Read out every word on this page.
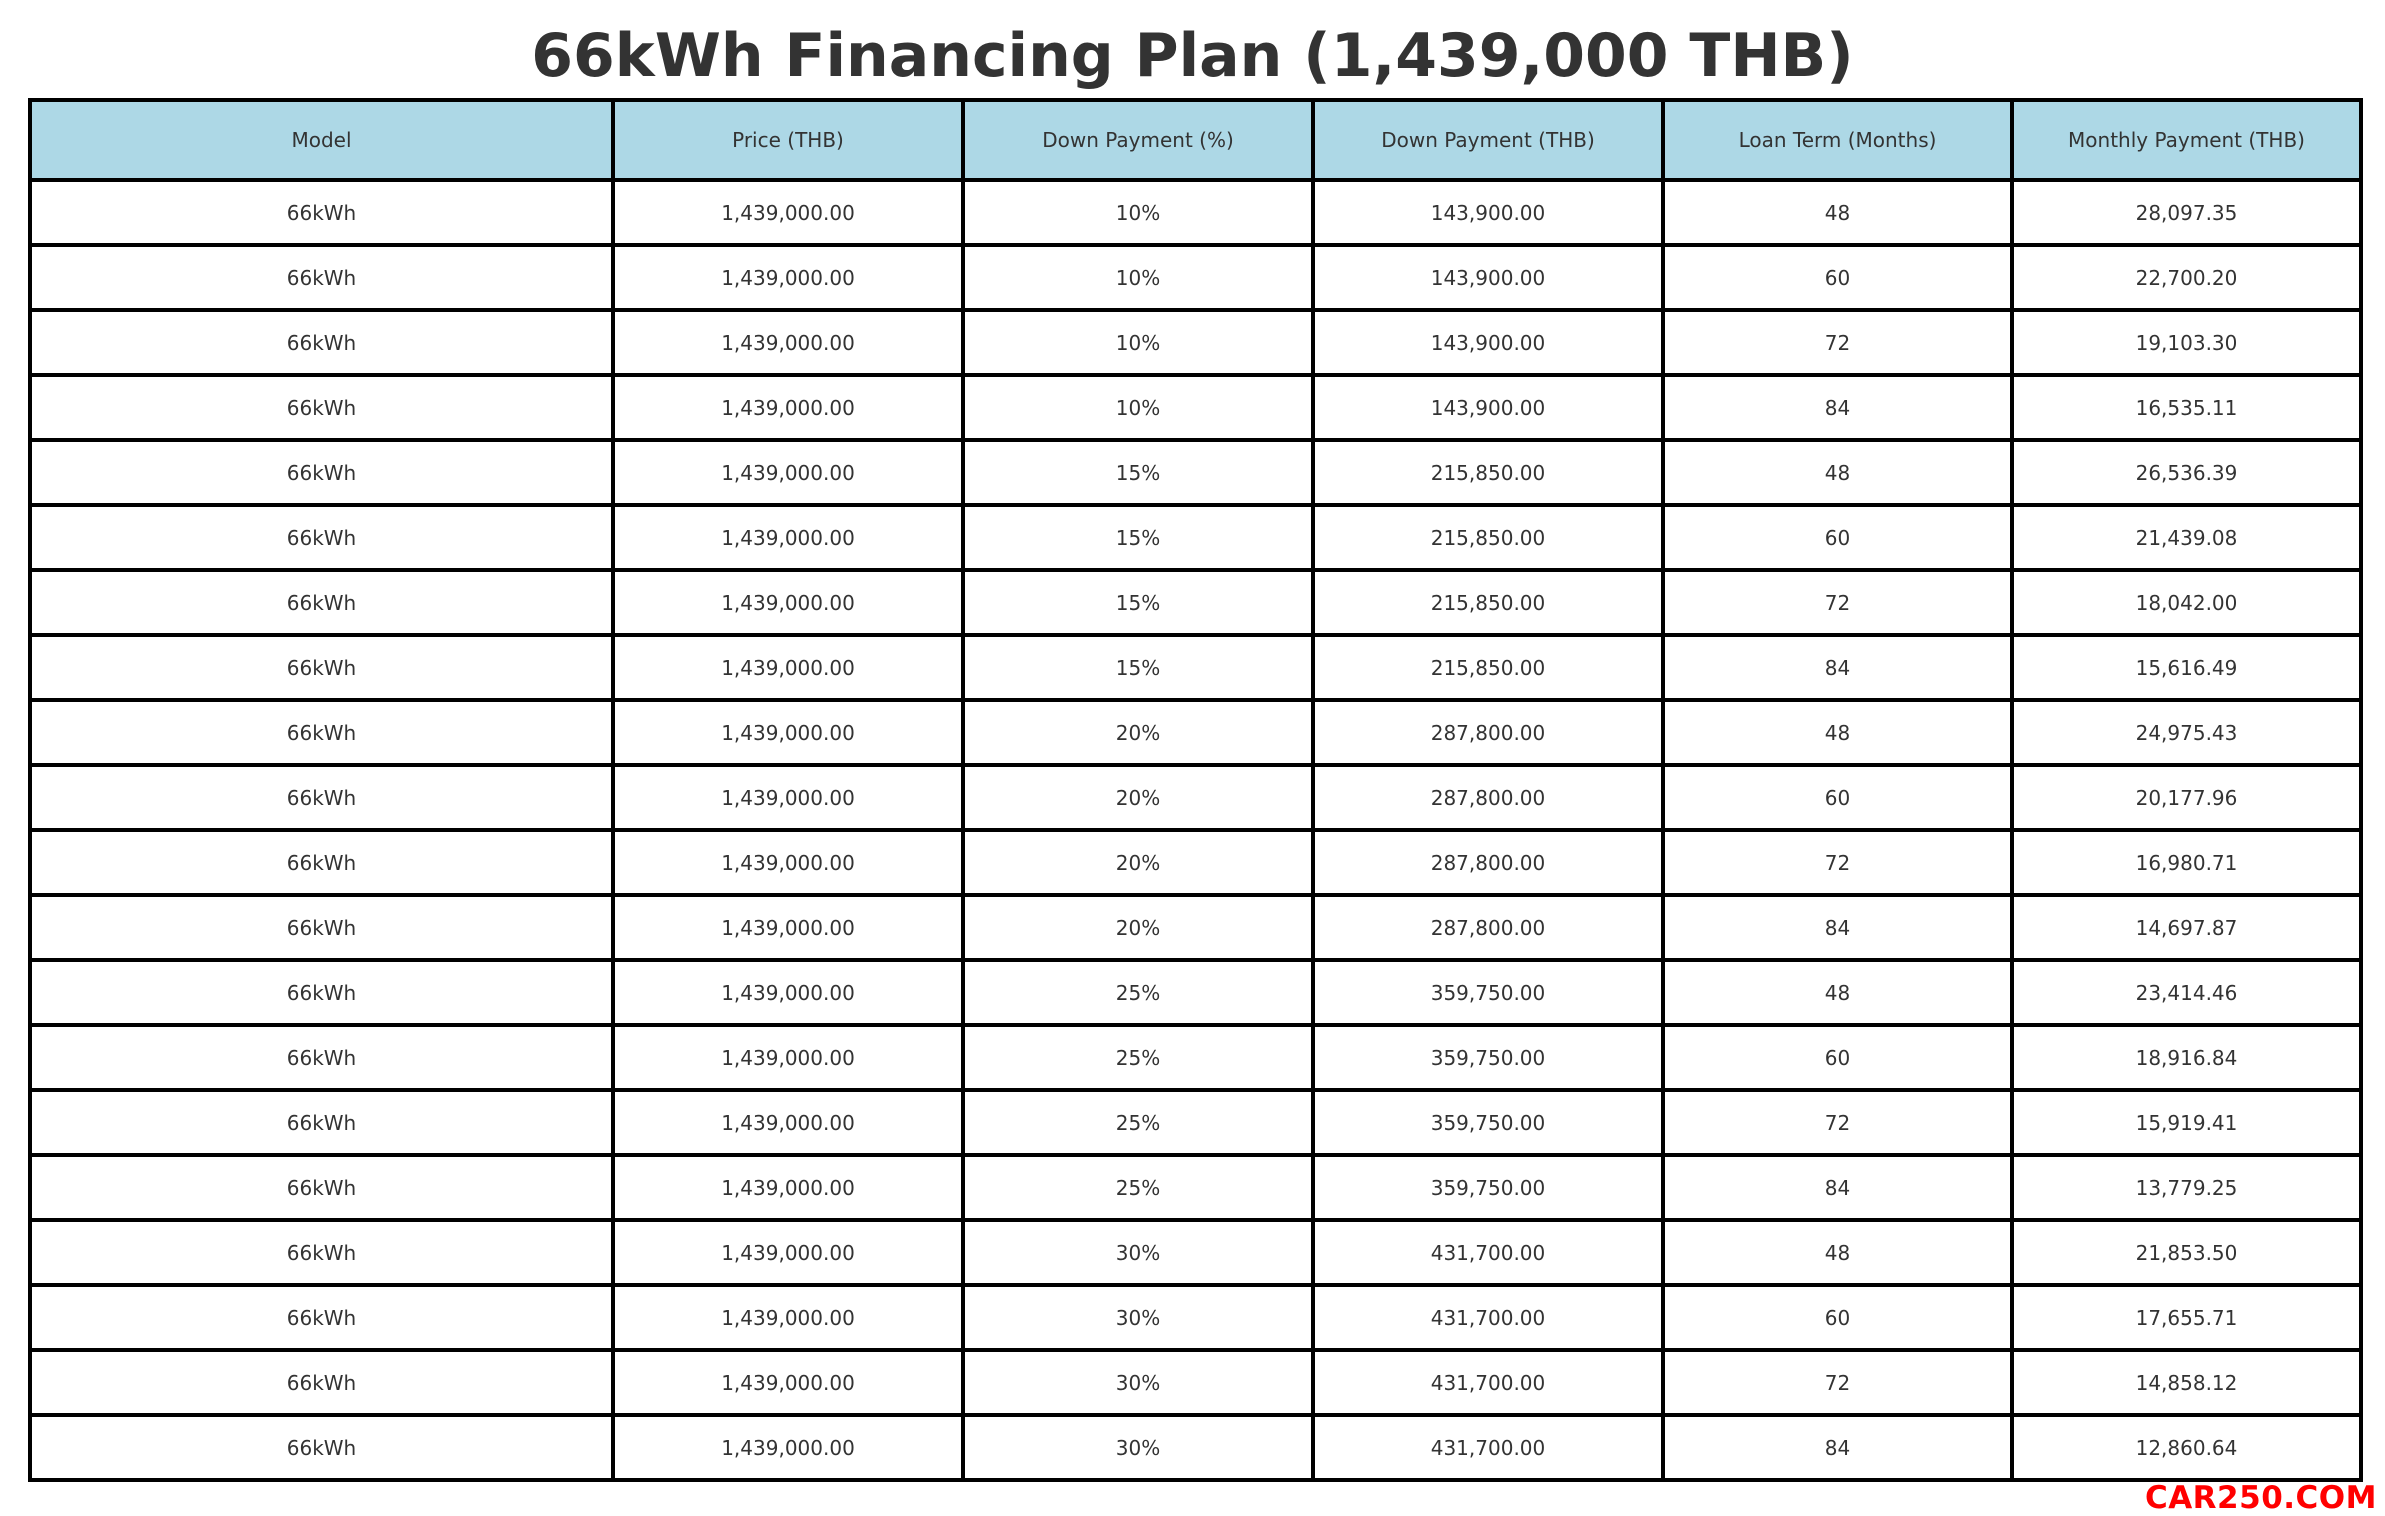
66kWh Financing Plan (1,439,000 THB)
Model	Price (THB)	Down Payment (%)	Down Payment (THB)	Loan Term (Months)	Monthly Payment (THB)
66kWh	1,439,000.00	10%	143,900.00	48	28,097.35
66kWh	1,439,000.00	10%	143,900.00	60	22,700.20
66kWh	1,439,000.00	10%	143,900.00	72	19,103.30
66kWh	1,439,000.00	10%	143,900.00	84	16,535.11
66kWh	1,439,000.00	15%	215,850.00	48	26,536.39
66kWh	1,439,000.00	15%	215,850.00	60	21,439.08
66kWh	1,439,000.00	15%	215,850.00	72	18,042.00
66kWh	1,439,000.00	15%	215,850.00	84	15,616.49
66kWh	1,439,000.00	20%	287,800.00	48	24,975.43
66kWh	1,439,000.00	20%	287,800.00	60	20,177.96
66kWh	1,439,000.00	20%	287,800.00	72	16,980.71
66kWh	1,439,000.00	20%	287,800.00	84	14,697.87
66kWh	1,439,000.00	25%	359,750.00	48	23,414.46
66kWh	1,439,000.00	25%	359,750.00	60	18,916.84
66kWh	1,439,000.00	25%	359,750.00	72	15,919.41
66kWh	1,439,000.00	25%	359,750.00	84	13,779.25
66kWh	1,439,000.00	30%	431,700.00	48	21,853.50
66kWh	1,439,000.00	30%	431,700.00	60	17,655.71
66kWh	1,439,000.00	30%	431,700.00	72	14,858.12
66kWh	1,439,000.00	30%	431,700.00	84	12,860.64
CAR250.COM
